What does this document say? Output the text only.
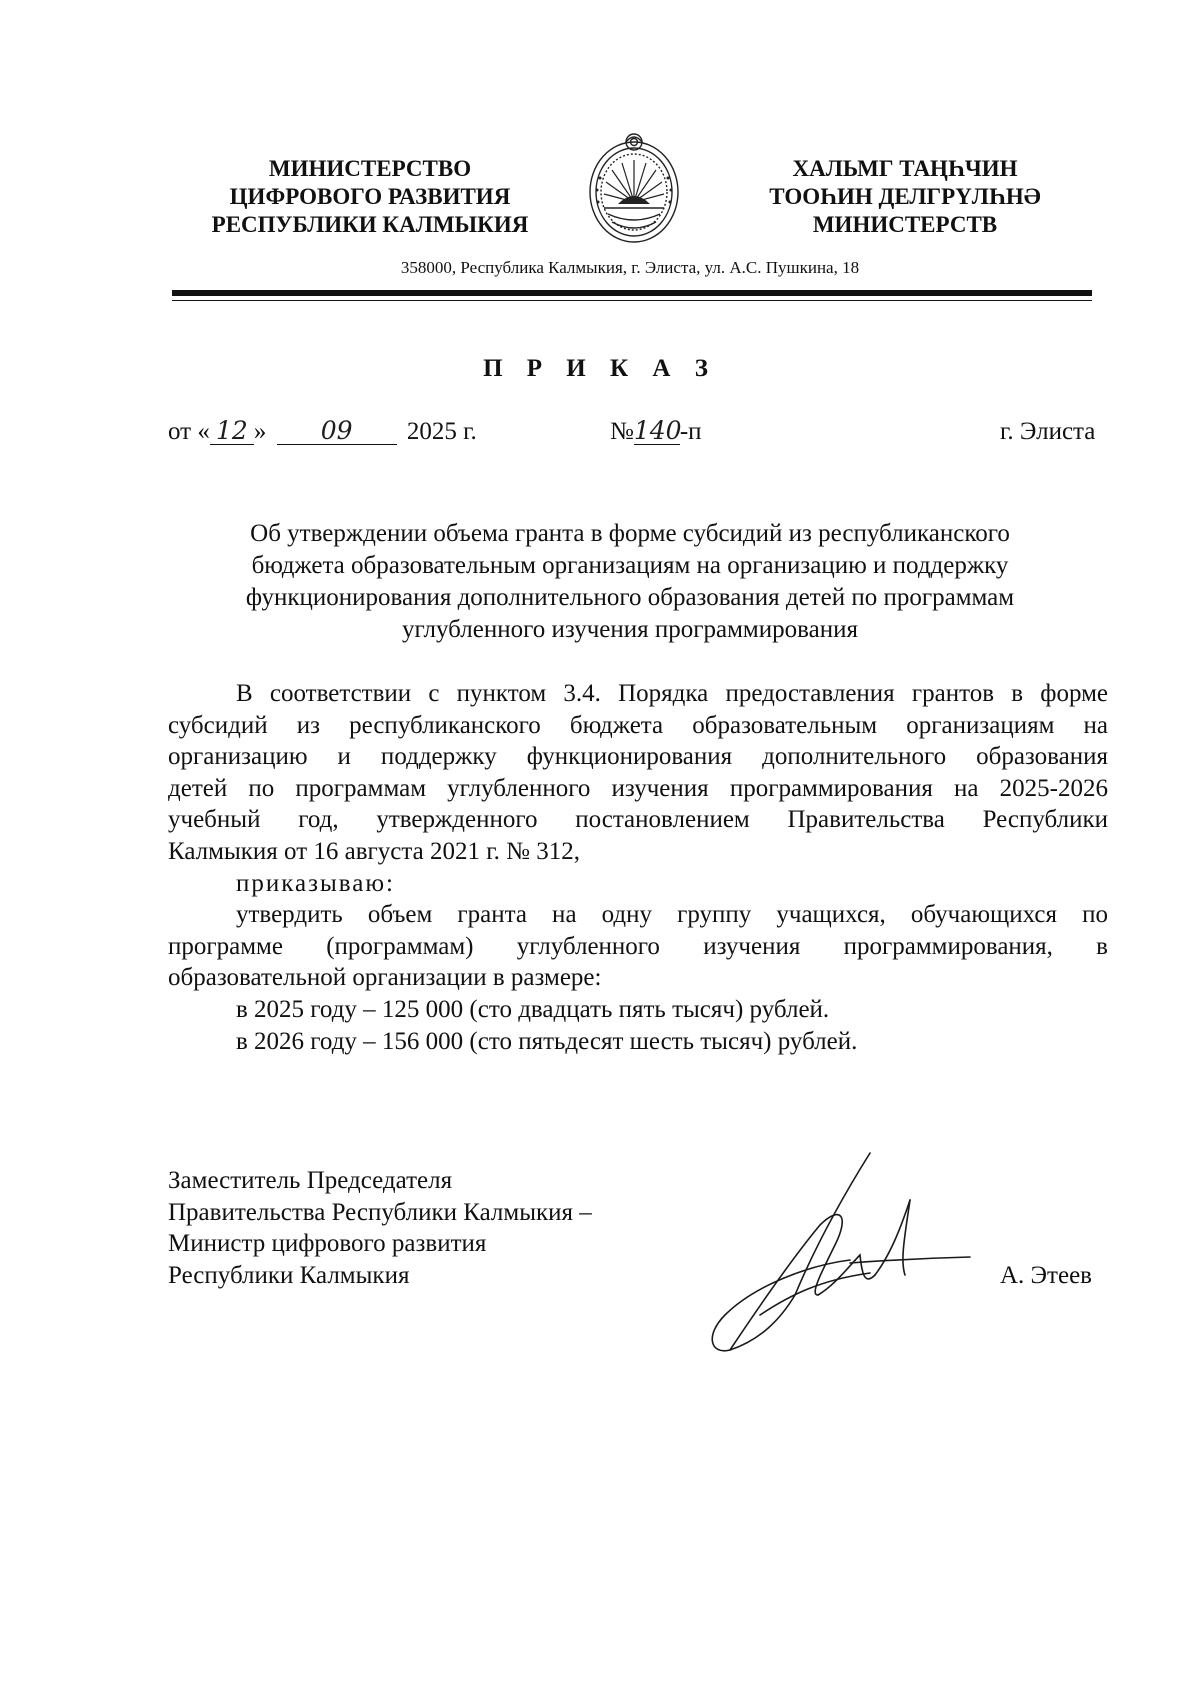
МИНИСТЕРСТВО
ЦИФРОВОГО РАЗВИТИЯ
РЕСПУБЛИКИ КАЛМЫКИЯ
ХАЛЬМГ ТАҢҺЧИН
ТООҺИН ДЕЛГРҮЛҺНӘ
МИНИСТЕРСТВ
358000, Республика Калмыкия, г. Элиста, ул. А.С. Пушкина, 18
П Р И К А З
от « 12 » 09 2025 г.	№140-п	г. Элиста
Об утверждении объема гранта в форме субсидий из республиканского
бюджета образовательным организациям на организацию и поддержку
функционирования дополнительного образования детей по программам
углубленного изучения программирования
В соответствии с пунктом 3.4. Порядка предоставления грантов в форме
субсидий из республиканского бюджета образовательным организациям на
организацию и поддержку функционирования дополнительного образования
детей по программам углубленного изучения программирования на 2025-2026
учебный год, утвержденного постановлением Правительства Республики
Калмыкия от 16 августа 2021 г. № 312,
приказываю:
утвердить объем гранта на одну группу учащихся, обучающихся по
программе (программам) углубленного изучения программирования, в
образовательной организации в размере:
в 2025 году – 125 000 (сто двадцать пять тысяч) рублей.
в 2026 году – 156 000 (сто пятьдесят шесть тысяч) рублей.
Заместитель Председателя
Правительства Республики Калмыкия –
Министр цифрового развития
Республики Калмыкия	А. Этеев
